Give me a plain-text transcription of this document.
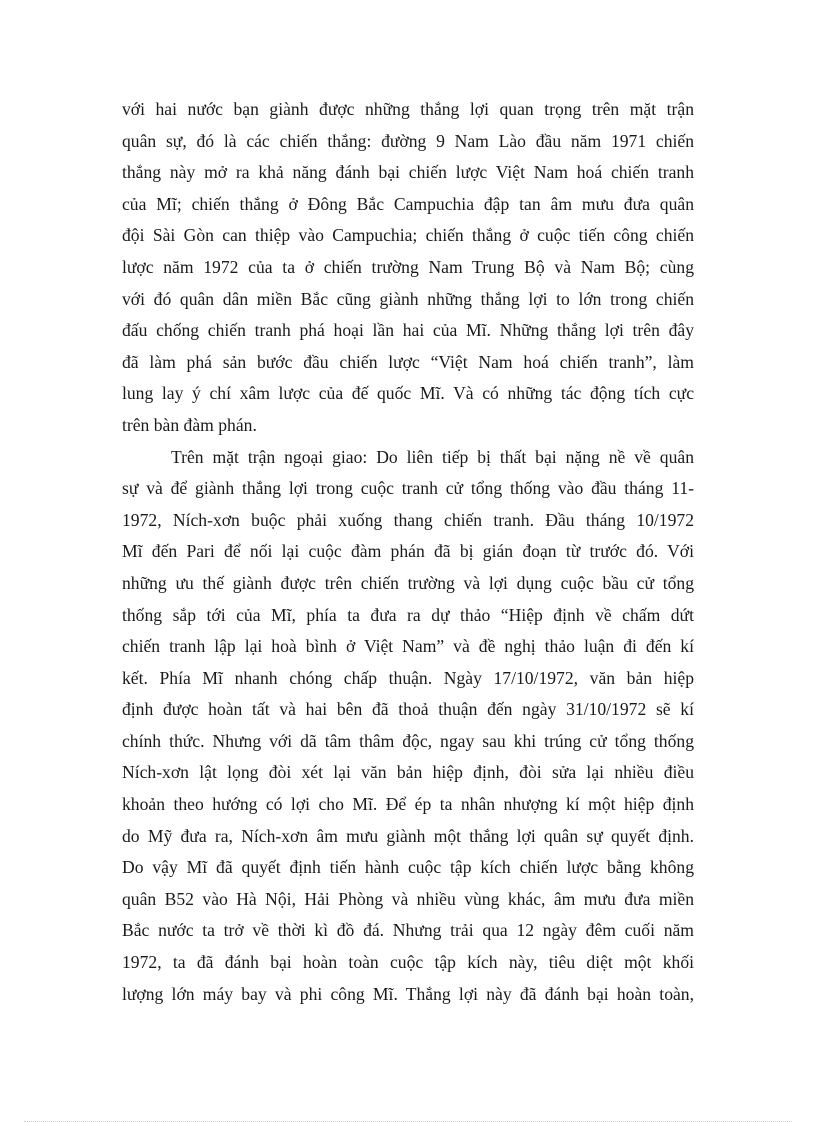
với hai nước bạn giành được những thắng lợi quan trọng trên mặt trận
quân sự, đó là các chiến thắng: đường 9 Nam Lào đầu năm 1971 chiến
thắng này mở ra khả năng đánh bại chiến lược Việt Nam hoá chiến tranh
của Mĩ; chiến thắng ở Đông Bắc Campuchia đập tan âm mưu đưa quân
đội Sài Gòn can thiệp vào Campuchia; chiến thắng ở cuộc tiến công chiến
lược năm 1972 của ta ở chiến trường Nam Trung Bộ và Nam Bộ; cùng
với đó quân dân miền Bắc cũng giành những thắng lợi to lớn trong chiến
đấu chống chiến tranh phá hoại lần hai của Mĩ. Những thắng lợi trên đây
đã làm phá sản bước đầu chiến lược “Việt Nam hoá chiến tranh”, làm
lung lay ý chí xâm lược của đế quốc Mĩ. Và có những tác động tích cực
trên bàn đàm phán.
Trên mặt trận ngoại giao: Do liên tiếp bị thất bại nặng nề về quân
sự và để giành thắng lợi trong cuộc tranh cử tổng thống vào đầu tháng 11-
1972, Ních-xơn buộc phải xuống thang chiến tranh. Đầu tháng 10/1972
Mĩ đến Pari để nối lại cuộc đàm phán đã bị gián đoạn từ trước đó. Với
những ưu thế giành được trên chiến trường và lợi dụng cuộc bầu cử tổng
thống sắp tới của Mĩ, phía ta đưa ra dự thảo “Hiệp định về chấm dứt
chiến tranh lập lại hoà bình ở Việt Nam” và đề nghị thảo luận đi đến kí
kết. Phía Mĩ nhanh chóng chấp thuận. Ngày 17/10/1972, văn bản hiệp
định được hoàn tất và hai bên đã thoả thuận đến ngày 31/10/1972 sẽ kí
chính thức. Nhưng với dã tâm thâm độc, ngay sau khi trúng cử tổng thống
Ních-xơn lật lọng đòi xét lại văn bản hiệp định, đòi sửa lại nhiều điều
khoản theo hướng có lợi cho Mĩ. Để ép ta nhân nhượng kí một hiệp định
do Mỹ đưa ra, Ních-xơn âm mưu giành một thắng lợi quân sự quyết định.
Do vậy Mĩ đã quyết định tiến hành cuộc tập kích chiến lược bằng không
quân B52 vào Hà Nội, Hải Phòng và nhiều vùng khác, âm mưu đưa miền
Bắc nước ta trở về thời kì đồ đá. Nhưng trải qua 12 ngày đêm cuối năm
1972, ta đã đánh bại hoàn toàn cuộc tập kích này, tiêu diệt một khối
lượng lớn máy bay và phi công Mĩ. Thắng lợi này đã đánh bại hoàn toàn,
